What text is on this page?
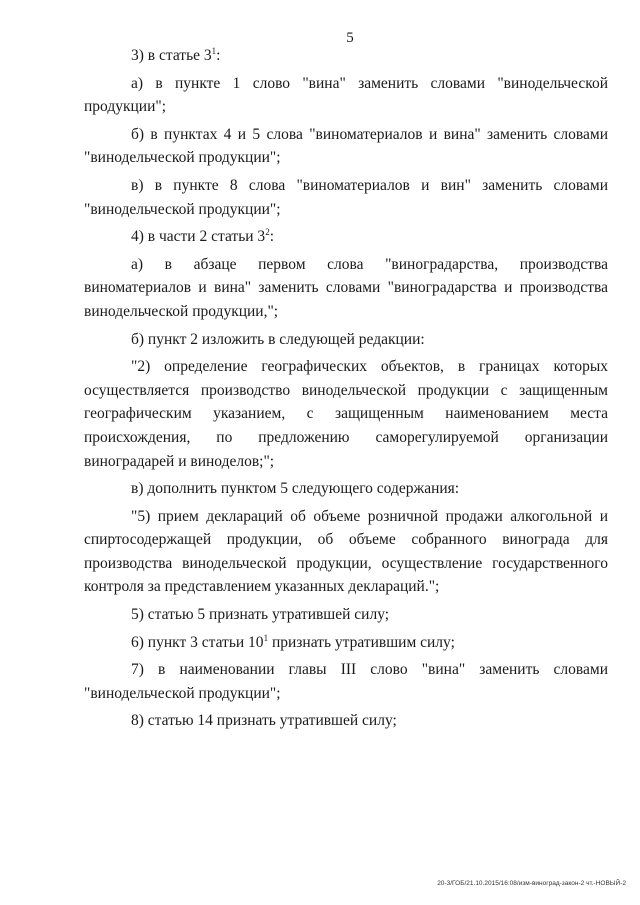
5

3) в статье $3^1$:

а) в пункте 1 слово "вина" заменить словами "винодельческой продукции";

б) в пунктах 4 и 5 слова "виноматериалов и вина" заменить словами "винодельческой продукции";

в) в пункте 8 слова "виноматериалов и вин" заменить словами "винодельческой продукции";

4) в части 2 статьи $3^2$:

а) в абзаце первом слова "виноградарства, производства виноматериалов и вина" заменить словами "виноградарства и производства винодельческой продукции,";

б) пункт 2 изложить в следующей редакции:

"2) определение географических объектов, в границах которых осуществляется производство винодельческой продукции с защищенным географическим указанием, с защищенным наименованием места происхождения, по предложению саморегулируемой организации виноградарей и виноделов;";

в) дополнить пунктом 5 следующего содержания:

"5) прием деклараций об объеме розничной продажи алкогольной и спиртосодержащей продукции, об объеме собранного винограда для производства винодельческой продукции, осуществление государственного контроля за представлением указанных деклараций.";

5) статью 5 признать утратившей силу;

6) пункт 3 статьи $10^1$ признать утратившим силу;

7) в наименовании главы III слово "вина" заменить словами "винодельческой продукции";

8) статью 14 признать утратившей силу;

20-3/ГОБ/21.10.2015/16:08/изм-виноград-закон-2 чт.-НОВЫЙ-2
